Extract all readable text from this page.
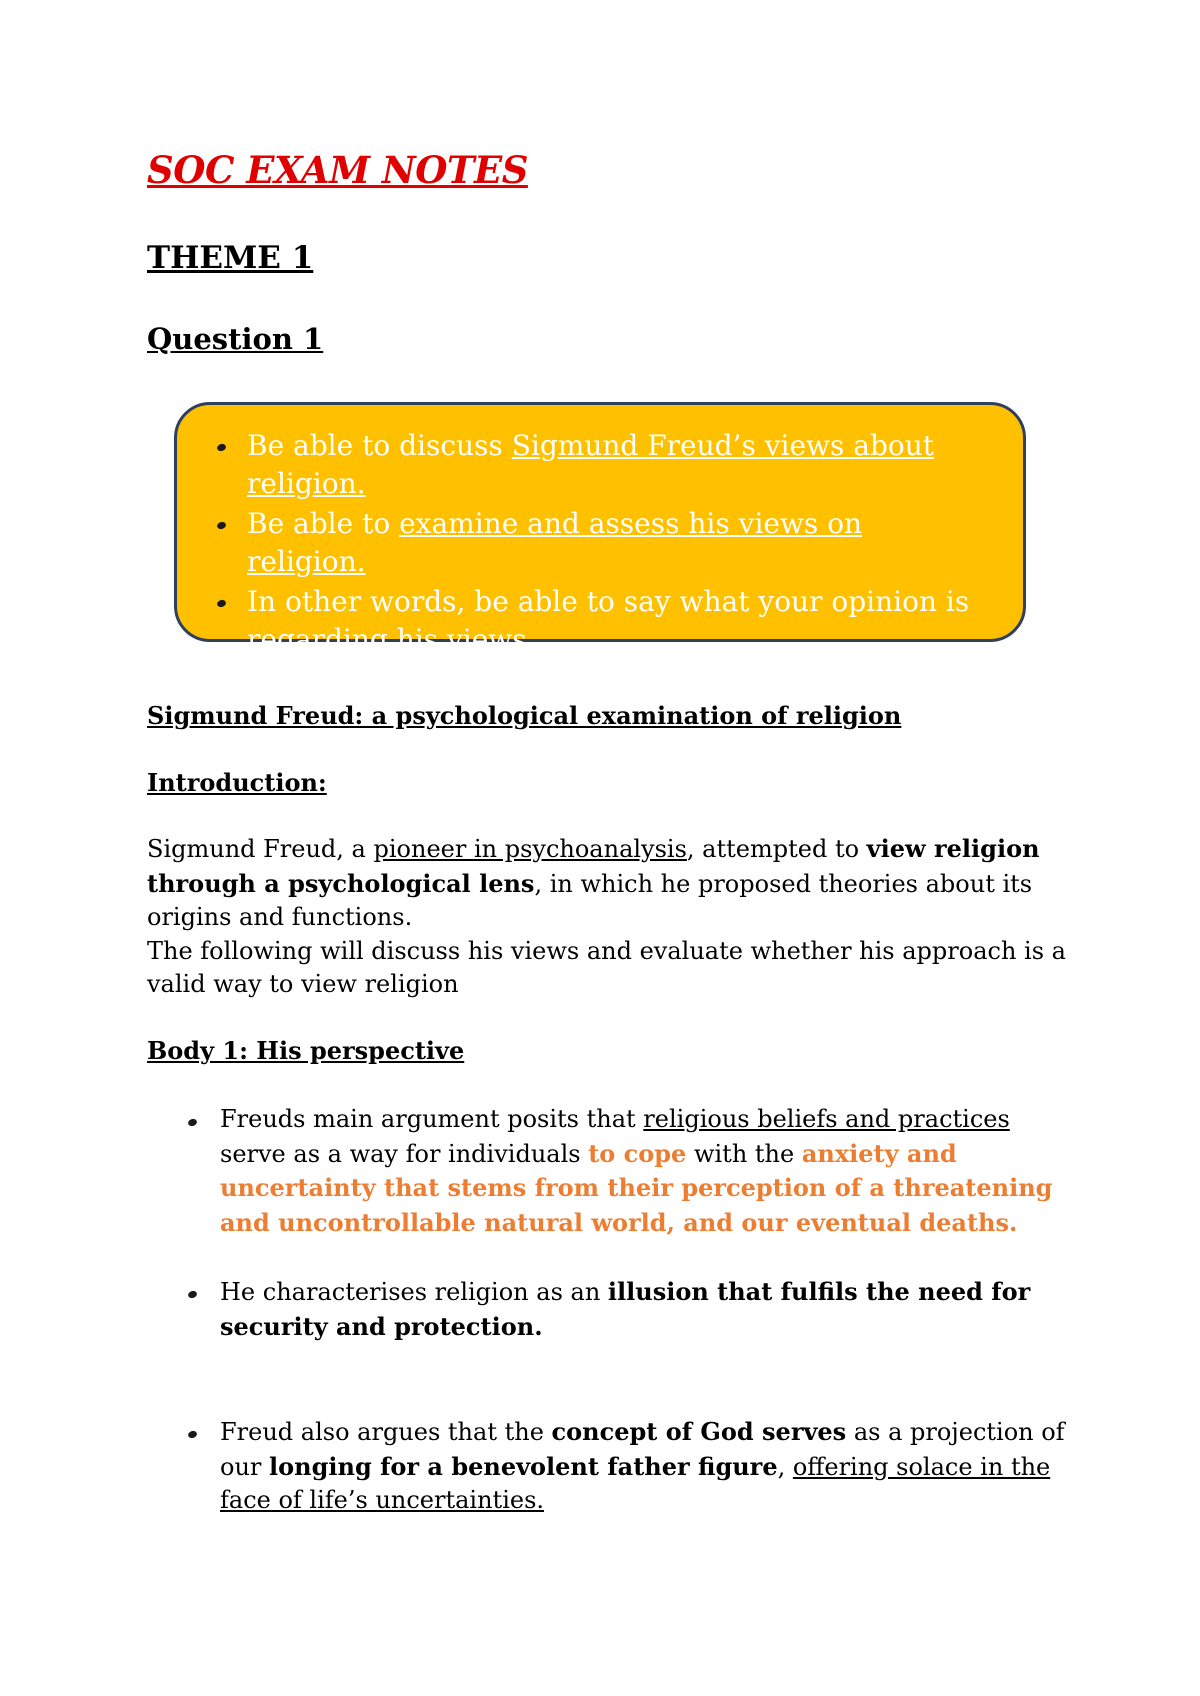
SOC EXAM NOTES
THEME 1
Question 1
Be able to discuss Sigmund Freud’s views about religion.
Be able to examine and assess his views on religion.
In other words, be able to say what your opinion is regarding his views.
Sigmund Freud: a psychological examination of religion
Introduction:

Sigmund Freud, a pioneer in psychoanalysis, attempted to view religion through a psychological lens, in which he proposed theories about its origins and functions.
The following will discuss his views and evaluate whether his approach is a valid way to view religion

Body 1: His perspective
Freuds main argument posits that religious beliefs and practices serve as a way for individuals to cope with the anxiety and uncertainty that stems from their perception of a threatening and uncontrollable natural world, and our eventual deaths.
He characterises religion as an illusion that fulfils the need for security and protection.
Freud also argues that the concept of God serves as a projection of our longing for a benevolent father figure, offering solace in the face of life’s uncertainties.
